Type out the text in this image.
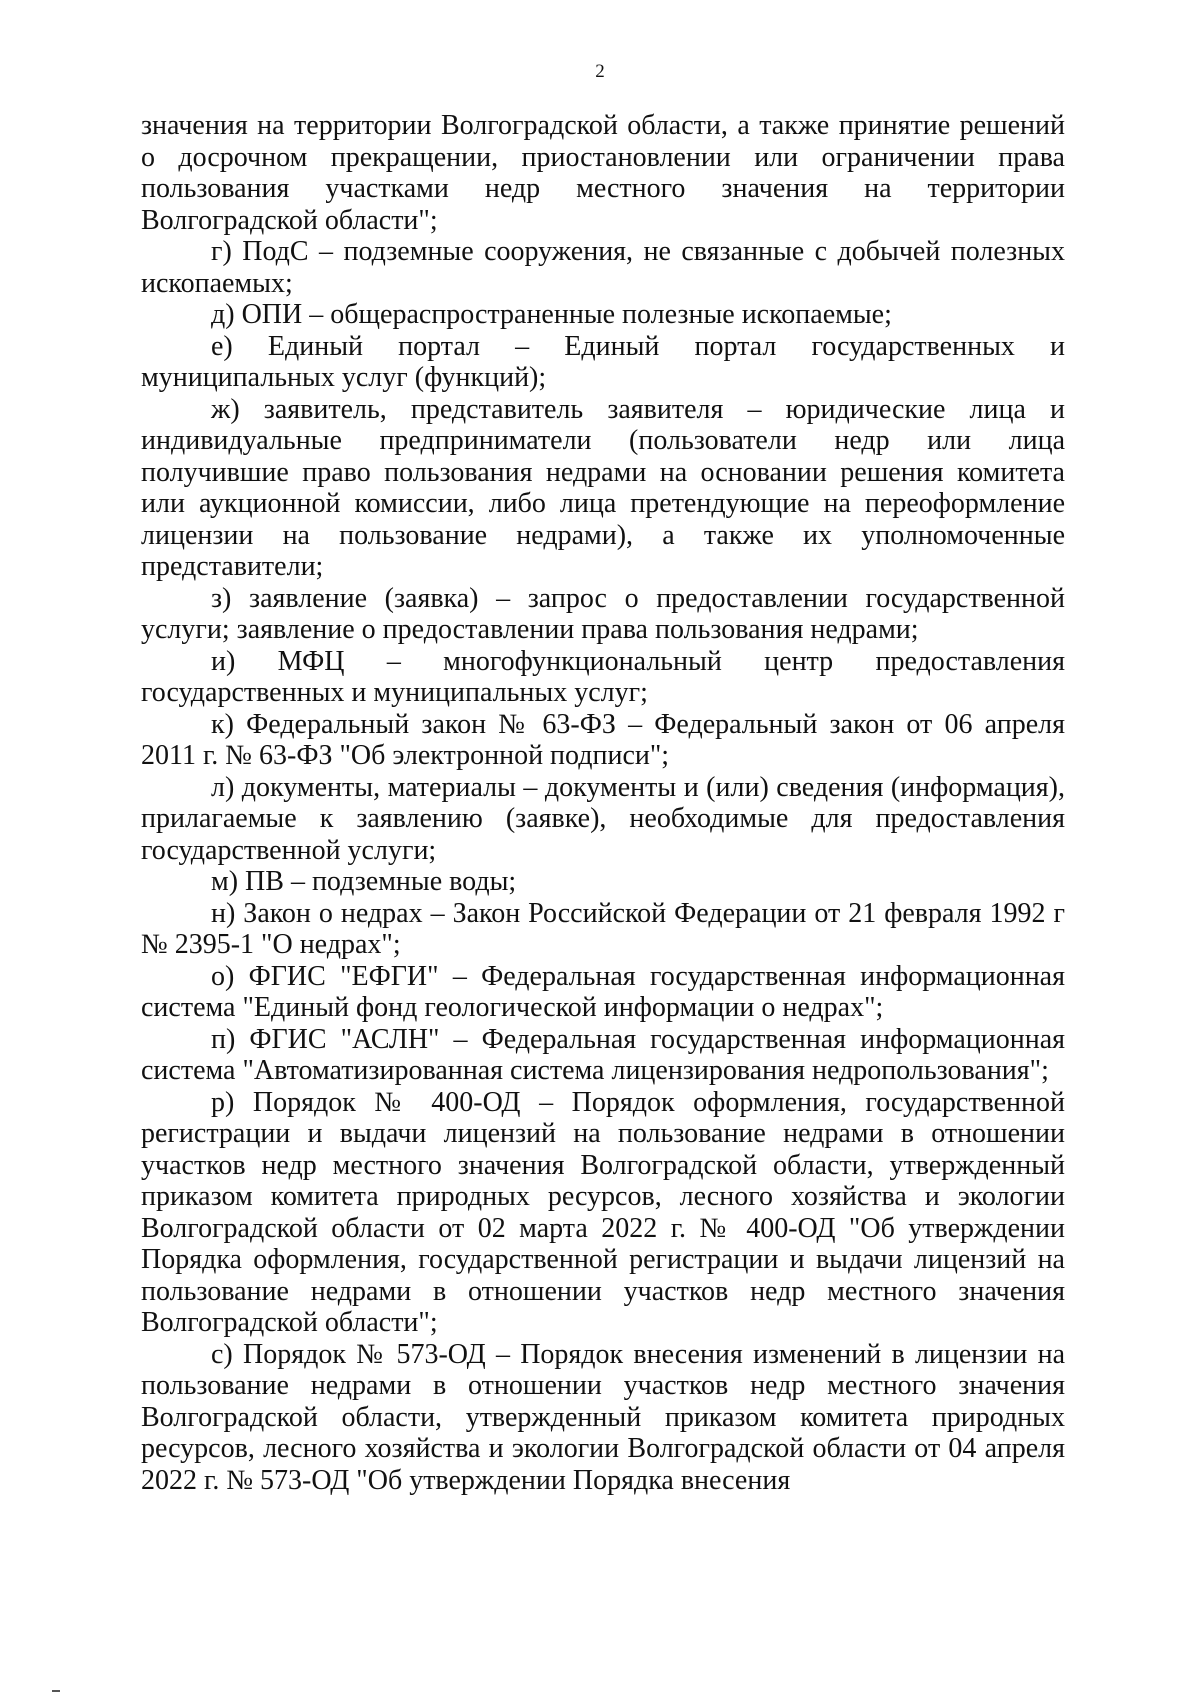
2

значения на территории Волгоградской области, а также принятие решений о досрочном прекращении, приостановлении или ограничении права пользования участками недр местного значения на территории Волгоградской области";

г) ПодС – подземные сооружения, не связанные с добычей полезных ископаемых;

д) ОПИ – общераспространенные полезные ископаемые;

е) Единый портал – Единый портал государственных и муниципальных услуг (функций);

ж) заявитель, представитель заявителя – юридические лица и индивидуальные предприниматели (пользователи недр или лица получившие право пользования недрами на основании решения комитета или аукционной комиссии, либо лица претендующие на переоформление лицензии на пользование недрами), а также их уполномоченные представители;

з) заявление (заявка) – запрос о предоставлении государственной услуги; заявление о предоставлении права пользования недрами;

и) МФЦ – многофункциональный центр предоставления государственных и муниципальных услуг;

к) Федеральный закон № 63-ФЗ – Федеральный закон от 06 апреля 2011 г. № 63-ФЗ "Об электронной подписи";

л) документы, материалы – документы и (или) сведения (информация), прилагаемые к заявлению (заявке), необходимые для предоставления государственной услуги;

м) ПВ – подземные воды;

н) Закон о недрах – Закон Российской Федерации от 21 февраля 1992 г № 2395-1 "О недрах";

о) ФГИС "ЕФГИ" – Федеральная государственная информационная система "Единый фонд геологической информации о недрах";

п) ФГИС "АСЛН" – Федеральная государственная информационная система "Автоматизированная система лицензирования недропользования";

р) Порядок № 400-ОД – Порядок оформления, государственной регистрации и выдачи лицензий на пользование недрами в отношении участков недр местного значения Волгоградской области, утвержденный приказом комитета природных ресурсов, лесного хозяйства и экологии Волгоградской области от 02 марта 2022 г. № 400-ОД "Об утверждении Порядка оформления, государственной регистрации и выдачи лицензий на пользование недрами в отношении участков недр местного значения Волгоградской области";

с) Порядок № 573-ОД – Порядок внесения изменений в лицензии на пользование недрами в отношении участков недр местного значения Волгоградской области, утвержденный приказом комитета природных ресурсов, лесного хозяйства и экологии Волгоградской области от 04 апреля 2022 г. № 573-ОД "Об утверждении Порядка внесения
